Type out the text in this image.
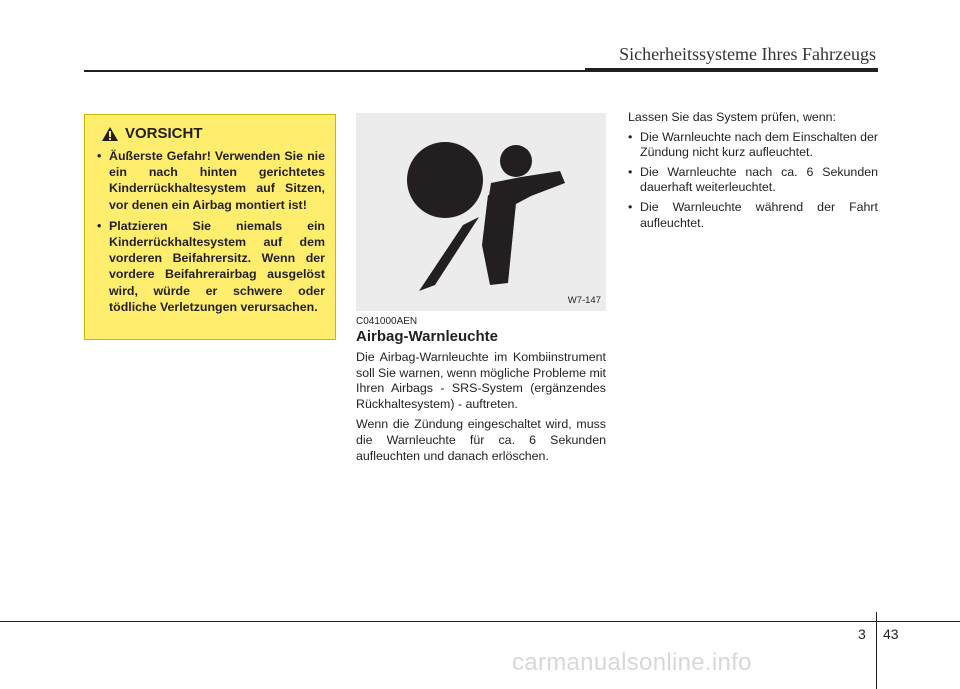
Sicherheitssysteme Ihres Fahrzeugs
VORSICHT
• Äußerste Gefahr! Verwenden Sie nie ein nach hinten gerichtetes Kinderrückhaltesystem auf Sitzen, vor denen ein Airbag montiert ist!
• Platzieren Sie niemals ein Kinderrückhaltesystem auf dem vorderen Beifahrersitz. Wenn der vordere Beifahrerairbag ausgelöst wird, würde er schwere oder tödliche Verletzungen verursachen.	W7-147
C041000AEN
Airbag-Warnleuchte

Die Airbag-Warnleuchte im Kombiinstrument soll Sie warnen, wenn mögliche Probleme mit Ihren Airbags - SRS-System (ergänzendes Rückhaltesystem) - auftreten.

Wenn die Zündung eingeschaltet wird, muss die Warnleuchte für ca. 6 Sekunden aufleuchten und danach erlöschen.

Lassen Sie das System prüfen, wenn:

• Die Warnleuchte nach dem Einschalten der Zündung nicht kurz aufleuchtet.
• Die Warnleuchte nach ca. 6 Sekunden dauerhaft weiterleuchtet.
• Die Warnleuchte während der Fahrt aufleuchtet.
3 43
carmanualsonline.info
